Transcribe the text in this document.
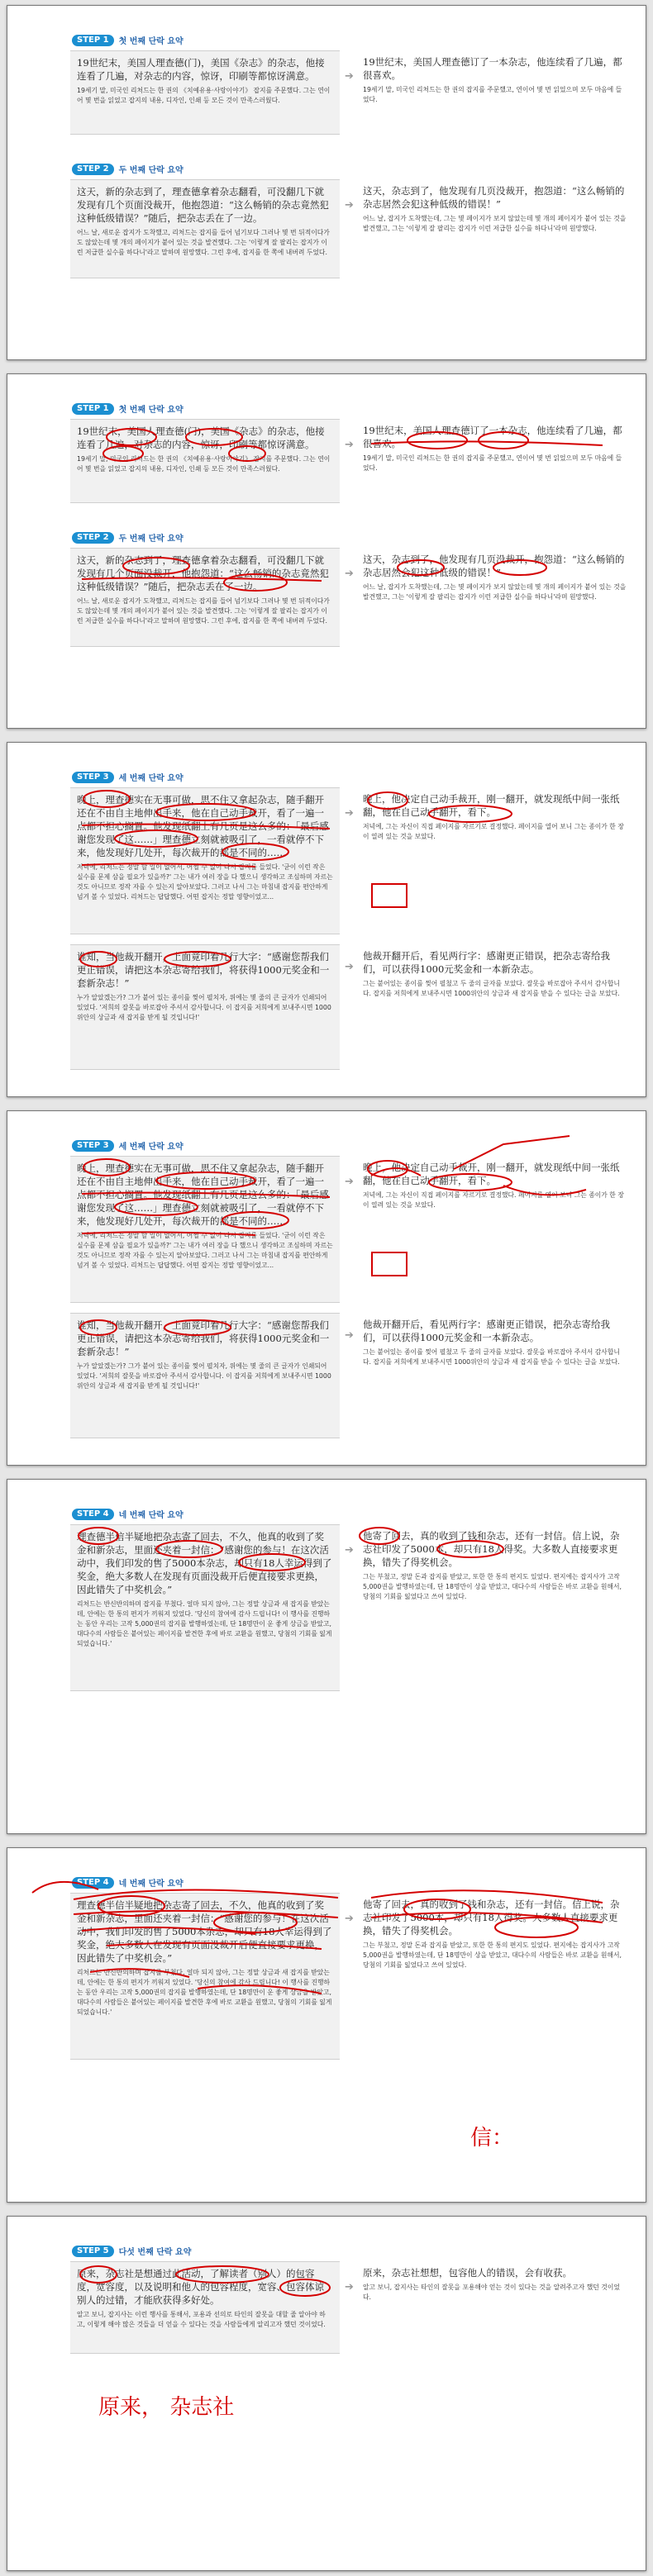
STEP 1	첫 번째 단락 요약
19世纪末，美国人理查德(门)，美国《杂志》的杂志，他接连看了几遍，对杂志的内容，惊讶，印刷等都惊讶满意。
19세기 말, 미국인 리처드는 한 권의 《치예유용·사랑이야기》 잡지를 주문했다. 그는 연이어 몇 번을 읽었고 잡지의 내용, 디자인, 인쇄 등 모든 것이 만족스러웠다.
➔
19世纪末，美国人理查德订了一本杂志，他连续看了几遍，都很喜欢。
19세기 말, 미국인 리처드는 한 권의 잡지를 주문했고, 연이어 몇 번 읽었으며 모두 마음에 들었다.
STEP 2	두 번째 단락 요약
这天，新的杂志到了，理查德拿着杂志翻看，可没翻几下就发现有几个页面没裁开，他抱怨道：“这么畅销的杂志竟然犯这种低级错误？”随后，把杂志丢在了一边。
어느 날, 새로운 잡지가 도착했고, 리처드는 잡지를 들어 넘기보다 그러나 몇 번 뒤적이다가도 않았는데 몇 개의 페이지가 붙어 있는 것을 발견했다. 그는 '이렇게 잘 팔리는 잡지가 이런 저급한 실수를 하다니'라고 말하며 원망했다. 그런 후에, 잡지를 한 쪽에 내버려 두었다.
➔
这天，杂志到了，他发现有几页没裁开，抱怨道：“这么畅销的杂志居然会犯这种低级的错误！”
어느 날, 잡지가 도착했는데, 그는 몇 페이지가 보지 않았는데 몇 개의 페이지가 붙어 있는 것을 발견했고, 그는 '이렇게 잘 팔리는 잡지가 이런 저급한 실수를 하다니'라며 원망했다.
STEP 1	첫 번째 단락 요약
19世纪末，美国人理查德(门)，美国《杂志》的杂志，他接连看了几遍，对杂志的内容，惊讶，印刷等都惊讶满意。
19세기 말, 미국인 리처드는 한 권의 《치예유용·사랑이야기》 잡지를 주문했다. 그는 연이어 몇 번을 읽었고 잡지의 내용, 디자인, 인쇄 등 모든 것이 만족스러웠다.
➔
19世纪末，美国人理查德订了一本杂志，他连续看了几遍，都很喜欢。
19세기 말, 미국인 리처드는 한 권의 잡지를 주문했고, 연이어 몇 번 읽었으며 모두 마음에 들었다.
STEP 2	두 번째 단락 요약
这天，新的杂志到了，理查德拿着杂志翻看，可没翻几下就发现有几个页面没裁开，他抱怨道：“这么畅销的杂志竟然犯这种低级错误？”随后，把杂志丢在了一边。
어느 날, 새로운 잡지가 도착했고, 리처드는 잡지를 들어 넘기보다 그러나 몇 번 뒤적이다가도 않았는데 몇 개의 페이지가 붙어 있는 것을 발견했다. 그는 '이렇게 잘 팔리는 잡지가 이런 저급한 실수를 하다니'라고 말하며 원망했다. 그런 후에, 잡지를 한 쪽에 내버려 두었다.
➔
这天，杂志到了，他发现有几页没裁开，抱怨道：“这么畅销的杂志居然会犯这种低级的错误！”
어느 날, 잡지가 도착했는데, 그는 몇 페이지가 보지 않았는데 몇 개의 페이지가 붙어 있는 것을 발견했고, 그는 '이렇게 잘 팔리는 잡지가 이런 저급한 실수를 하다니'라며 원망했다.
STEP 3	세 번째 단락 요약
晚上，理查德实在无事可做，思不住又拿起杂志，随手翻开还在不由自主地伸出手来，他在自己动手裁开，看了一遍一点都不担心搁置。他发现纸翻上有几页是这么多的：「最后感谢您发现了这……」理查德立刻就被吸引了，一看就停不下来，他发现好几处开，每次裁开的都是不同的……
저녁에, 리처드는 정말 할 일이 없어서, 어쩔 수 없이 다시 잡지를 들었다. '굳이 이런 작은 실수를 문제 삼을 필요가 있을까?' 그는 내가 여러 장을 다 했으니 생각하고 조심하며 자르는 것도 아니므로 정작 자를 수 있는지 알아보았다. 그러고 나서 그는 마침내 잡지를 편안하게 넘겨 볼 수 있었다. 리처드는 답답했다. 어떤 잡지는 정말 영향이었고...
➔
晚上，他决定自己动手裁开，刚一翻开，就发现纸中间一张纸翻，他在自己动手翻开，看下。
저녁에, 그는 자신이 직접 페이지를 자르기로 결정했다. 페이지를 열어 보니 그는 종이가 한 장이 열려 있는 것을 보았다.
谁知，当他裁开翻开，上面竟印着几行大字：“感谢您帮我们更正错误，请把这本杂志寄给我们，将获得1000元奖金和一套新杂志！”
누가 알았겠는가? 그가 붙어 있는 종이를 찢어 펼치자, 위에는 몇 줄의 큰 글자가 인쇄되어 있었다. '저희의 잘못을 바로잡아 주셔서 감사합니다. 이 잡지를 저희에게 보내주시면 1000위안의 상금과 새 잡지를 받게 될 것입니다!'
➔
他裁开翻开后，看见两行字：感谢更正错误，把杂志寄给我们，可以获得1000元奖金和一本新杂志。
그는 붙어있는 종이를 찢어 펼쳤고 두 줄의 글자를 보았다. 잘못을 바로잡아 주셔서 감사합니다. 잡지를 저희에게 보내주시면 1000위안의 상금과 새 잡지를 받을 수 있다는 글을 보았다.
STEP 3	세 번째 단락 요약
晚上，理查德实在无事可做，思不住又拿起杂志，随手翻开还在不由自主地伸出手来，他在自己动手裁开，看了一遍一点都不担心搁置。他发现纸翻上有几页是这么多的：「最后感谢您发现了这……」理查德立刻就被吸引了，一看就停不下来，他发现好几处开，每次裁开的都是不同的……
저녁에, 리처드는 정말 할 일이 없어서, 어쩔 수 없이 다시 잡지를 들었다. '굳이 이런 작은 실수를 문제 삼을 필요가 있을까?' 그는 내가 여러 장을 다 했으니 생각하고 조심하며 자르는 것도 아니므로 정작 자를 수 있는지 알아보았다. 그러고 나서 그는 마침내 잡지를 편안하게 넘겨 볼 수 있었다. 리처드는 답답했다. 어떤 잡지는 정말 영향이었고...
➔
晚上，他决定自己动手裁开，刚一翻开，就发现纸中间一张纸翻，他在自己动手翻开，看下。
저녁에, 그는 자신이 직접 페이지를 자르기로 결정했다. 페이지를 열어 보니 그는 종이가 한 장이 열려 있는 것을 보았다.
谁知，当他裁开翻开，上面竟印着几行大字：“感谢您帮我们更正错误，请把这本杂志寄给我们，将获得1000元奖金和一套新杂志！”
누가 알았겠는가? 그가 붙어 있는 종이를 찢어 펼치자, 위에는 몇 줄의 큰 글자가 인쇄되어 있었다. '저희의 잘못을 바로잡아 주셔서 감사합니다. 이 잡지를 저희에게 보내주시면 1000위안의 상금과 새 잡지를 받게 될 것입니다!'
➔
他裁开翻开后，看见两行字：感谢更正错误，把杂志寄给我们，可以获得1000元奖金和一本新杂志。
그는 붙어있는 종이를 찢어 펼쳤고 두 줄의 글자를 보았다. 잘못을 바로잡아 주셔서 감사합니다. 잡지를 저희에게 보내주시면 1000위안의 상금과 새 잡지를 받을 수 있다는 글을 보았다.
STEP 4	네 번째 단락 요약
理查德半信半疑地把杂志寄了回去，不久，他真的收到了奖金和新杂志，里面还夹着一封信：“感谢您的参与！在这次活动中，我们印发的售了5000本杂志，却只有18人幸运得到了奖金，绝大多数人在发现有页面没裁开后便直接要求更换，因此错失了中奖机会。”
리처드는 반신반의하며 잡지를 부쳤다. 얼마 되지 않아, 그는 정말 상금과 새 잡지를 받았는데, 안에는 한 통의 편지가 끼워져 있었다. '당신의 참여에 감사 드립니다! 이 행사를 진행하는 동안 우리는 고작 5,000권의 잡지를 발행하였는데, 단 18명만이 운 좋게 상금을 받았고, 대다수의 사람들은 붙어있는 페이지를 발견한 후에 바로 교환을 원했고, 당첨의 기회를 잃게 되었습니다.'
➔
他寄了回去，真的收到了钱和杂志，还有一封信。信上说，杂志社印发了5000本，却只有18人得奖。大多数人直接要求更换，错失了得奖机会。
그는 부쳤고, 정말 돈과 잡지를 받았고, 또한 한 통의 편지도 있었다. 편지에는 잡지사가 고작 5,000권을 발행하였는데, 단 18명만이 상을 받았고, 대다수의 사람들은 바로 교환을 원해서, 당첨의 기회를 잃었다고 쓰여 있었다.
STEP 4	네 번째 단락 요약
理查德半信半疑地把杂志寄了回去，不久，他真的收到了奖金和新杂志，里面还夹着一封信：“感谢您的参与！在这次活动中，我们印发的售了5000本杂志，却只有18人幸运得到了奖金，绝大多数人在发现有页面没裁开后便直接要求更换，因此错失了中奖机会。”
리처드는 반신반의하며 잡지를 부쳤다. 얼마 되지 않아, 그는 정말 상금과 새 잡지를 받았는데, 안에는 한 통의 편지가 끼워져 있었다. '당신의 참여에 감사 드립니다! 이 행사를 진행하는 동안 우리는 고작 5,000권의 잡지를 발행하였는데, 단 18명만이 운 좋게 상금을 받았고, 대다수의 사람들은 붙어있는 페이지를 발견한 후에 바로 교환을 원했고, 당첨의 기회를 잃게 되었습니다.'
➔
他寄了回去，真的收到了钱和杂志，还有一封信。信上说，杂志社印发了5000本，却只有18人得奖。大多数人直接要求更换，错失了得奖机会。
그는 부쳤고, 정말 돈과 잡지를 받았고, 또한 한 통의 편지도 있었다. 편지에는 잡지사가 고작 5,000권을 발행하였는데, 단 18명만이 상을 받았고, 대다수의 사람들은 바로 교환을 원해서, 당첨의 기회를 잃었다고 쓰여 있었다.
信：
STEP 5	다섯 번째 단락 요약
原来，杂志社是想通过此活动，了解读者（别人）的包容度，宽容度，以及说明和他人的包容程度，宽容、包容体谅别人的过错，才能欣获得多好处。
알고 보니, 잡지사는 이런 행사를 통해서, 포용과 선의로 타인의 잘못을 대할 줄 알아야 하고, 이렇게 해야 많은 것들을 더 얻을 수 있다는 것을 사람들에게 알리고자 했던 것이었다.
➔
原来，杂志社想想，包容他人的错误，会有收获。
알고 보니, 잡지사는 타인의 잘못을 포용해야 얻는 것이 있다는 것을 알려주고자 했던 것이었다.
原来， 杂志社
